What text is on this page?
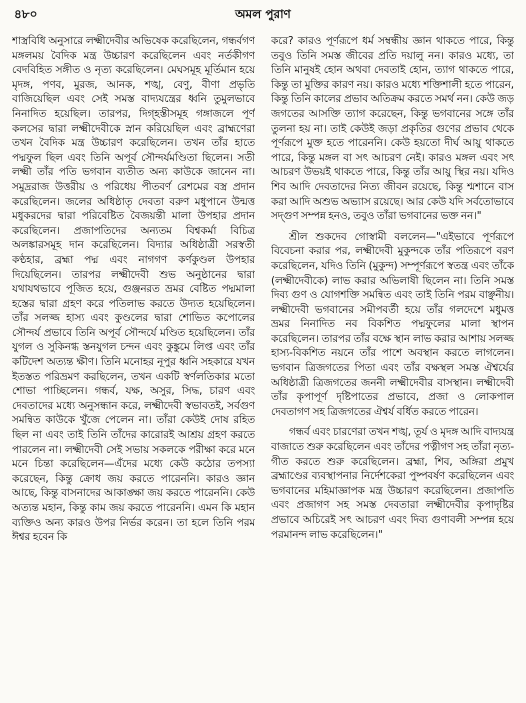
৪৮০	অমল পুরাণ

শাস্ত্রবিধি অনুসারে লক্ষ্মীদেবীর অভিষেক করেছিলেন, গন্ধর্বগণ মঙ্গলময় বৈদিক মন্ত্র উচ্চারণ করেছিলেন এবং নর্তকীগণ বেদবিহিত সঙ্গীত ও নৃত্য করেছিলেন। মেঘসমূহ মূর্তিমান হয়ে মৃদঙ্গ, পণব, মুরজ, আনক, শঙ্খ, বেণু, বীণা প্রভৃতি বাজিয়েছিল এবং সেই সমস্ত বাদ্যযন্ত্রের ধ্বনি তুমুলভাবে নিনাদিত হয়েছিল। তারপর, দিগ্‌হস্তীসমূহ গঙ্গাজলে পূর্ণ কলসের দ্বারা লক্ষ্মীদেবীকে স্নান করিয়েছিল এবং ব্রাহ্মণেরা তখন বৈদিক মন্ত্র উচ্চারণ করেছিলেন। তখন তাঁর হাতে পদ্মফুল ছিল এবং তিনি অপূর্ব সৌন্দর্যমণ্ডিতা ছিলেন। সতী লক্ষ্মী তাঁর পতি ভগবান ব্যতীত অন্য কাউকে জানেন না। সমুদ্ররাজ উত্তরীয় ও পরিধেয় পীতবর্ণ রেশমের বস্ত্র প্রদান করেছিলেন। জলের অধিষ্ঠাতৃ দেবতা বরুণ মধুপানে উন্মত্ত মধুকরদের দ্বারা পরিবেষ্টিত বৈজয়ন্তী মালা উপহার প্রদান করেছিলেন। প্রজাপতিদের অন্যতম বিশ্বকর্মা বিচিত্র অলঙ্কারসমূহ দান করেছিলেন। বিদ্যার অধিষ্ঠাত্রী সরস্বতী কণ্ঠহার, ব্রহ্মা পদ্ম এবং নাগগণ কর্ণকুণ্ডল উপহার দিয়েছিলেন। তারপর লক্ষ্মীদেবী শুভ অনুষ্ঠানের দ্বারা যথাযথভাবে পূজিত হয়ে, গুঞ্জনরত ভ্রমর বেষ্টিত পদ্মমালা হস্তের দ্বারা গ্রহণ করে পতিলাভ করতে উদ্যত হয়েছিলেন। তাঁর সলজ্জ হাস্য এবং কুণ্ডলের দ্বারা শোভিত কপোলের সৌন্দর্য প্রভাবে তিনি অপূর্ব সৌন্দর্যে মণ্ডিত হয়েছিলেন। তাঁর যুগল ও সুকিনগ্ধ স্তনযুগল চন্দন এবং কুঙ্কুমে লিপ্ত এবং তাঁর কটিদেশ অত্যন্ত ক্ষীণ। তিনি মনোহর নূপুর ধ্বনি সহকারে যখন ইতস্তত পরিভ্রমণ করছিলেন, তখন একটি স্বর্ণলতিকার মতো শোভা পাচ্ছিলেন। গন্ধর্ব, যক্ষ, অসুর, সিদ্ধ, চারণ এবং দেবতাদের মধ্যে অনুসন্ধান করে, লক্ষ্মীদেবী স্বভাবতই, সর্বগুণ সমন্বিত কাউকে খুঁজে পেলেন না। তাঁরা কেউই দোষ রহিত ছিল না এবং তাই তিনি তাঁদের কারোরই আশ্রয় গ্রহণ করতে পারলেন না। লক্ষ্মীদেবী সেই সভায় সকলকে পরীক্ষা করে মনে মনে চিন্তা করেছিলেন—এঁদের মধ্যে কেউ কঠোর তপস্যা করেছেন, কিন্তু ক্রোধ জয় করতে পারেননি। কারও জ্ঞান আছে, কিন্তু বাসনাদের আকাঙ্ক্ষা জয় করতে পারেননি। কেউ অত্যন্ত মহান, কিন্তু কাম জয় করতে পারেননি। এমন কি মহান ব্যক্তিও অন্য কারও উপর নির্ভর করেন। তা হলে তিনি পরম ঈশ্বর হবেন কি

করে? কারও পূর্ণরূপে ধর্ম সম্বন্ধীয় জ্ঞান থাকতে পারে, কিন্তু তবুও তিনি সমস্ত জীবের প্রতি দয়ালু নন। কারও মধ্যে, তা তিনি মানুষই হোন অথবা দেবতাই হোন, ত্যাগ থাকতে পারে, কিন্তু তা মুক্তির কারণ নয়। কারও মধ্যে শক্তিশালী হতে পারেন, কিন্তু তিনি কালের প্রভাব অতিক্রম করতে সমর্থ নন। কেউ জড় জগতের আসক্তি ত্যাগ করেছেন, কিন্তু ভগবানের সঙ্গে তাঁর তুলনা হয় না। তাই কেউই জড়া প্রকৃতির গুণের প্রভাব থেকে পূর্ণরূপে মুক্ত হতে পারেননি। কেউ হয়তো দীর্ঘ আয়ু থাকতে পারে, কিন্তু মঙ্গল বা সৎ আচরণ নেই। কারও মঙ্গল এবং সৎ আচরণ উভয়ই থাকতে পারে, কিন্তু তাঁর আয়ু স্থির নয়। যদিও শিব আদি দেবতাদের নিত্য জীবন রয়েছে, কিন্তু শ্মশানে বাস করা আদি অশুভ অভ্যাস রয়েছে। আর কেউ যদি সর্বতোভাবে সদ্‌গুণ সম্পন্ন হনও, তবুও তাঁরা ভগবানের ভক্ত নন।"

শ্রীল শুকদেব গোস্বামী বললেন—"এইভাবে পূর্ণরূপে বিবেচনা করার পর, লক্ষ্মীদেবী মুকুন্দকে তাঁর পতিরূপে বরণ করেছিলেন, যদিও তিনি (মুকুন্দ) সম্পূর্ণরূপে স্বতন্ত্র এবং তাঁকে (লক্ষ্মীদেবীকে) লাভ করার অভিলাষী ছিলেন না। তিনি সমস্ত দিব্য গুণ ও যোগশক্তি সমন্বিত এবং তাই তিনি পরম বাঞ্ছনীয়। লক্ষ্মীদেবী ভগবানের সমীপবর্তী হয়ে তাঁর গলদেশে মধুমত্ত ভ্রমর নিনাদিত নব বিকশিত পদ্মফুলের মালা স্থাপন করেছিলেন। তারপর তাঁর বক্ষে স্থান লাভ করার আশায় সলজ্জ হাস্য-বিকশিত নয়নে তাঁর পাশে অবস্থান করতে লাগলেন। ভগবান ত্রিজগতের পিতা এবং তাঁর বক্ষস্থল সমস্ত ঐশ্বর্যের অধিষ্ঠাত্রী ত্রিজগতের জননী লক্ষ্মীদেবীর বাসস্থান। লক্ষ্মীদেবী তাঁর কৃপাপূর্ণ দৃষ্টিপাতের প্রভাবে, প্রজা ও লোকপাল দেবতাগণ সহ ত্রিজগতের ঐশ্বর্য বর্ধিত করতে পারেন।

গন্ধর্ব এবং চারণেরা তখন শঙ্খ, তূর্য ও মৃদঙ্গ আদি বাদ্যযন্ত্র বাজাতে শুরু করেছিলেন এবং তাঁদের পত্নীগণ সহ তাঁরা নৃত্য-গীত করতে শুরু করেছিলেন। ব্রহ্মা, শিব, অঙ্গিরা প্রমুখ ব্রহ্মাণ্ডের ব্যবস্থাপনার নির্দেশকেরা পুষ্পবর্ষণ করেছিলেন এবং ভগবানের মহিমাজ্ঞাপক মন্ত্র উচ্চারণ করেছিলেন। প্রজাপতি এবং প্রজাগণ সহ সমস্ত দেবতারা লক্ষ্মীদেবীর কৃপাদৃষ্টির প্রভাবে অচিরেই সৎ আচরণ এবং দিব্য গুণাবলী সম্পন্ন হয়ে পরমানন্দ লাভ করেছিলেন।"
